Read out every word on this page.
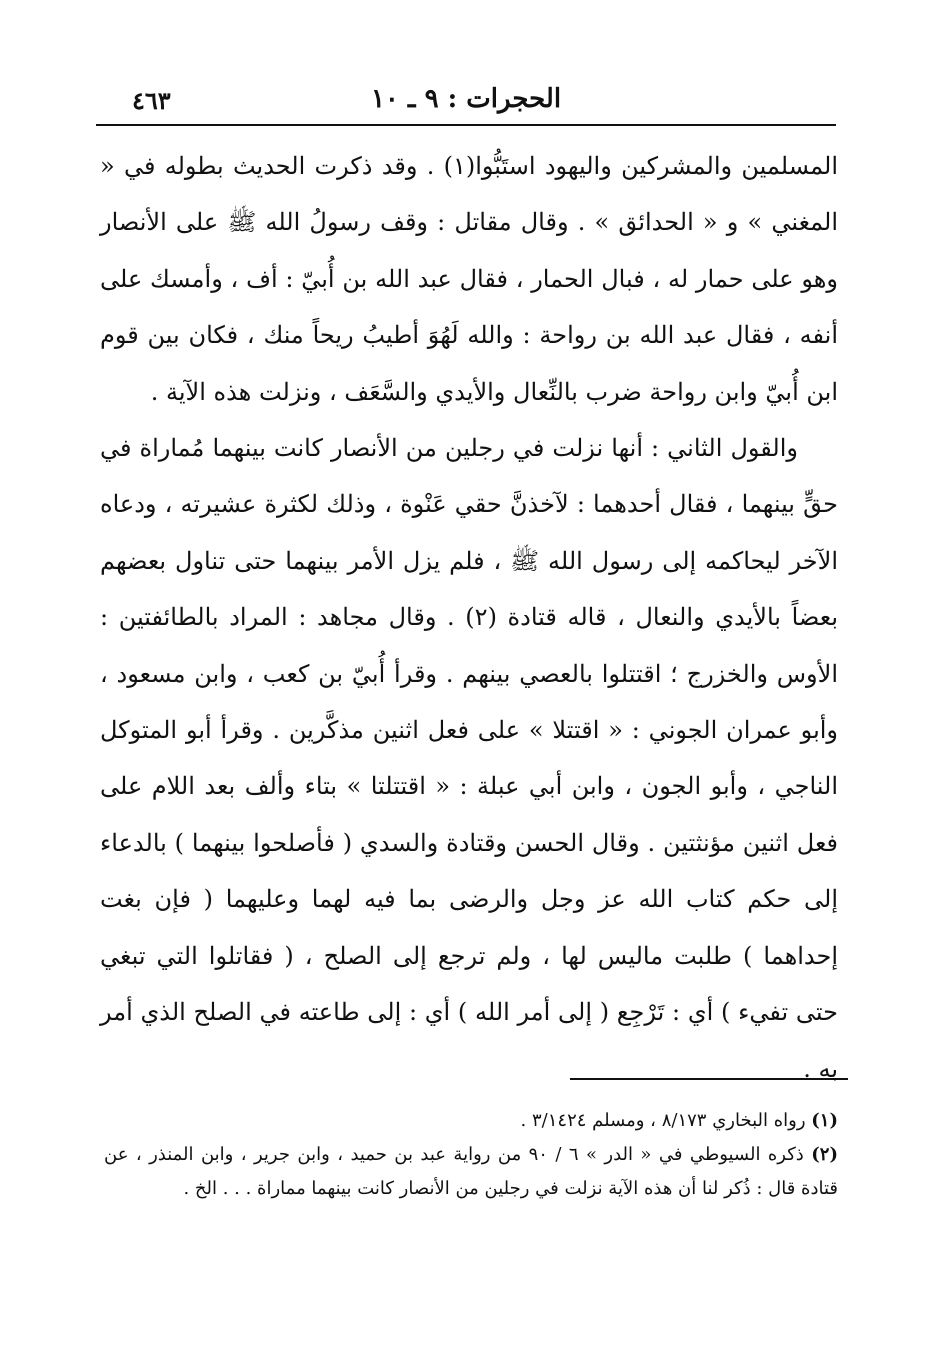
الحجرات : ٩ ـ ١٠
٤٦٣

المسلمين والمشركين واليهود استَبُّوا(١) . وقد ذكرت الحديث بطوله في « المغني » و « الحدائق » . وقال مقاتل : وقف رسولُ الله ﷺ على الأنصار وهو على حمار له ، فبال الحمار ، فقال عبد الله بن أُبيّ : أف ، وأمسك على أنفه ، فقال عبد الله بن رواحة : والله لَهُوَ أطيبُ ريحاً منك ، فكان بين قوم ابن أُبيّ وابن رواحة ضرب بالنِّعال والأيدي والسَّعَف ، ونزلت هذه الآية .

والقول الثاني : أنها نزلت في رجلين من الأنصار كانت بينهما مُماراة في حقٍّ بينهما ، فقال أحدهما : لآخذنَّ حقي عَنْوة ، وذلك لكثرة عشيرته ، ودعاه الآخر ليحاكمه إلى رسول الله ﷺ ، فلم يزل الأمر بينهما حتى تناول بعضهم بعضاً بالأيدي والنعال ، قاله قتادة (٢) . وقال مجاهد : المراد بالطائفتين : الأوس والخزرج ؛ اقتتلوا بالعصي بينهم . وقرأ أُبيّ بن كعب ، وابن مسعود ، وأبو عمران الجوني : « اقتتلا » على فعل اثنين مذكَّرين . وقرأ أبو المتوكل الناجي ، وأبو الجون ، وابن أبي عبلة : « اقتتلتا » بتاء وألف بعد اللام على فعل اثنين مؤنثتين . وقال الحسن وقتادة والسدي ( فأصلحوا بينهما ) بالدعاء إلى حكم كتاب الله عز وجل والرضى بما فيه لهما وعليهما ( فإن بغت إحداهما ) طلبت ماليس لها ، ولم ترجع إلى الصلح ، ( فقاتلوا التي تبغي حتى تفيء ) أي : تَرْجِع ( إلى أمر الله ) أي : إلى طاعته في الصلح الذي أمر به .

(١) رواه البخاري ٨/١٧٣ ، ومسلم ٣/١٤٢٤ .

(٢) ذكره السيوطي في « الدر » ٦ / ٩٠ من رواية عبد بن حميد ، وابن جرير ، وابن المنذر ، عن قتادة قال : ذُكر لنا أن هذه الآية نزلت في رجلين من الأنصار كانت بينهما مماراة . . . الخ .
